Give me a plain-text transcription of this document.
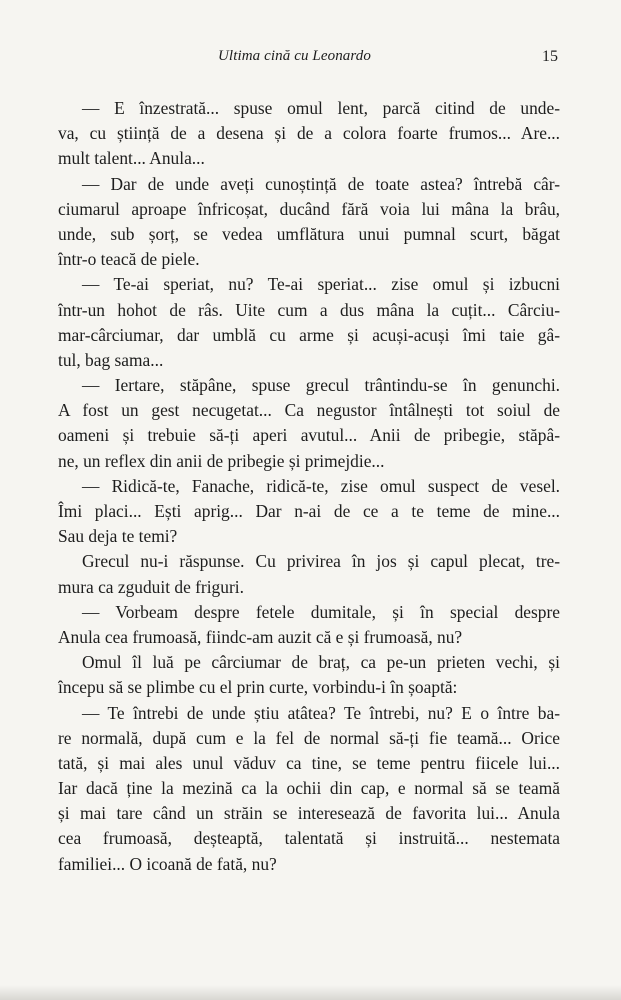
Ultima cină cu Leonardo	15
— E înzestrată... spuse omul lent, parcă citind de unde-
va, cu știință de a desena și de a colora foarte frumos... Are...
mult talent... Anula...
— Dar de unde aveți cunoștință de toate astea? întrebă câr-
ciumarul aproape înfricoșat, ducând fără voia lui mâna la brâu,
unde, sub șorț, se vedea umflătura unui pumnal scurt, băgat
într-o teacă de piele.
— Te-ai speriat, nu? Te-ai speriat... zise omul și izbucni
într-un hohot de râs. Uite cum a dus mâna la cuțit... Cârciu-
mar-cârciumar, dar umblă cu arme și acuși-acuși îmi taie gâ-
tul, bag sama...
— Iertare, stăpâne, spuse grecul trântindu-se în genunchi.
A fost un gest necugetat... Ca negustor întâlnești tot soiul de
oameni și trebuie să-ți aperi avutul... Anii de pribegie, stăpâ-
ne, un reflex din anii de pribegie și primejdie...
— Ridică-te, Fanache, ridică-te, zise omul suspect de vesel.
Îmi placi... Ești aprig... Dar n-ai de ce a te teme de mine...
Sau deja te temi?
Grecul nu-i răspunse. Cu privirea în jos și capul plecat, tre-
mura ca zguduit de friguri.
— Vorbeam despre fetele dumitale, și în special despre
Anula cea frumoasă, fiindc-am auzit că e și frumoasă, nu?
Omul îl luă pe cârciumar de braț, ca pe-un prieten vechi, și
începu să se plimbe cu el prin curte, vorbindu-i în șoaptă:
— Te întrebi de unde știu atâtea? Te întrebi, nu? E o între ba-
re normală, după cum e la fel de normal să-ți fie teamă... Orice
tată, și mai ales unul văduv ca tine, se teme pentru fiicele lui...
Iar dacă ține la mezină ca la ochii din cap, e normal să se teamă
și mai tare când un străin se interesează de favorita lui... Anula
cea frumoasă, deșteaptă, talentată și instruită... nestemata
familiei... O icoană de fată, nu?
